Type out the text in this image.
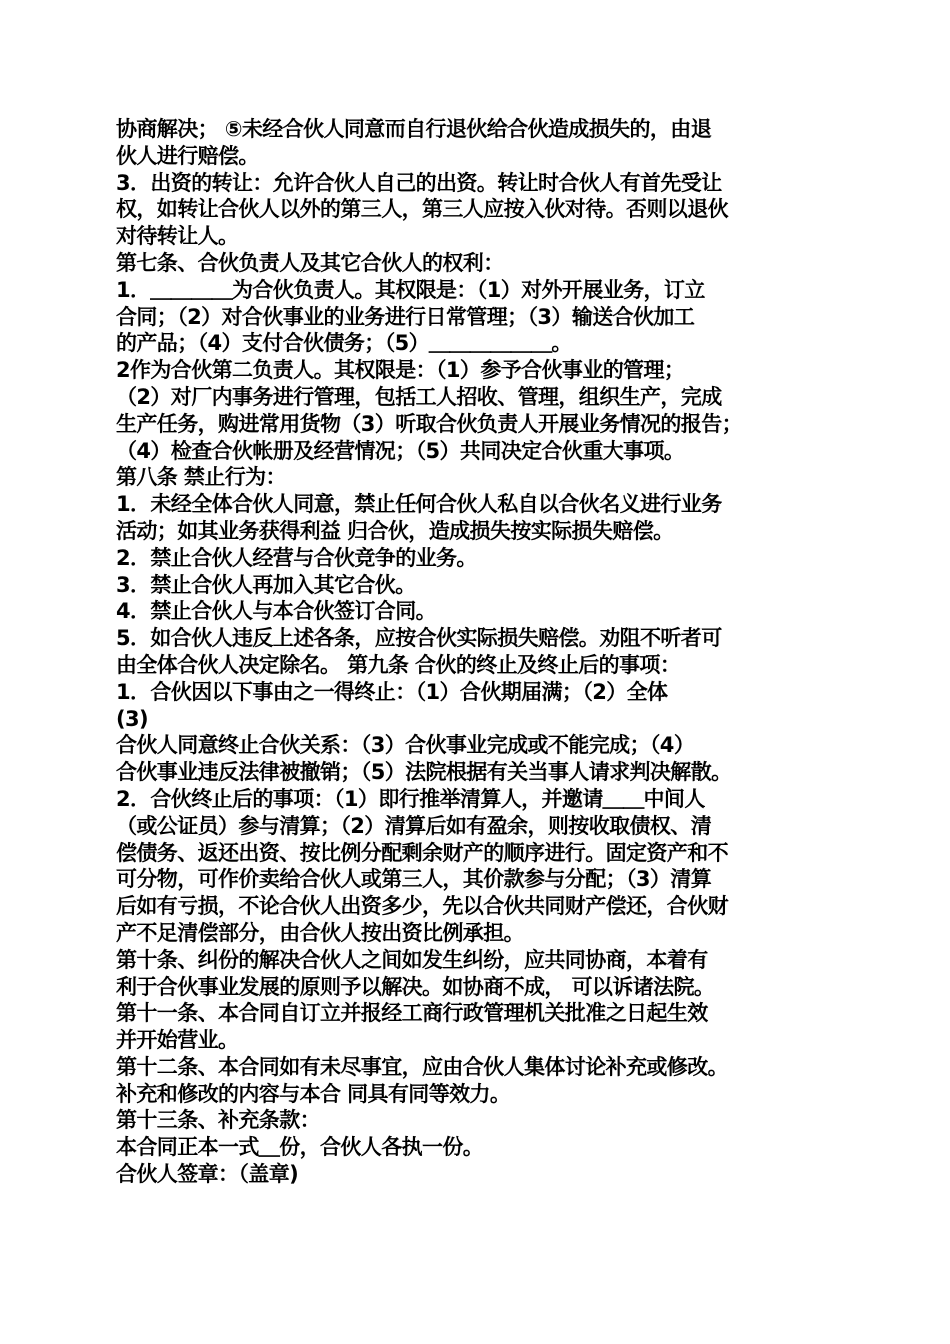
协商解决； ⑤未经合伙人同意而自行退伙给合伙造成损失的，由退
伙人进行赔偿。
3．出资的转让：允许合伙人自己的出资。转让时合伙人有首先受让
权，如转让合伙人以外的第三人，第三人应按入伙对待。否则以退伙
对待转让人。
第七条、合伙负责人及其它合伙人的权利：
1．＿＿＿＿为合伙负责人。其权限是：（1）对外开展业务，订立
合同；（2）对合伙事业的业务进行日常管理；（3）输送合伙加工
的产品；（4）支付合伙债务；（5）＿＿＿＿＿＿。
2作为合伙第二负责人。其权限是：（1）参予合伙事业的管理；
（2）对厂内事务进行管理，包括工人招收、管理，组织生产，完成
生产任务，购进常用货物（3）听取合伙负责人开展业务情况的报告；
（4）检查合伙帐册及经营情况；（5）共同决定合伙重大事项。
第八条 禁止行为：
1．未经全体合伙人同意，禁止任何合伙人私自以合伙名义进行业务
活动；如其业务获得利益 归合伙，造成损失按实际损失赔偿。
2．禁止合伙人经营与合伙竞争的业务。
3．禁止合伙人再加入其它合伙。
4．禁止合伙人与本合伙签订合同。
5．如合伙人违反上述各条，应按合伙实际损失赔偿。劝阻不听者可
由全体合伙人决定除名。 第九条 合伙的终止及终止后的事项：
1．合伙因以下事由之一得终止：（1）合伙期届满；（2）全体
(3)
合伙人同意终止合伙关系：（3）合伙事业完成或不能完成；（4）
合伙事业违反法律被撤销；（5）法院根据有关当事人请求判决解散。
2．合伙终止后的事项：（1）即行推举清算人，并邀请＿＿中间人
（或公证员）参与清算；（2）清算后如有盈余，则按收取债权、清
偿债务、返还出资、按比例分配剩余财产的顺序进行。固定资产和不
可分物，可作价卖给合伙人或第三人，其价款参与分配；（3）清算
后如有亏损，不论合伙人出资多少，先以合伙共同财产偿还，合伙财
产不足清偿部分，由合伙人按出资比例承担。
第十条、纠份的解决合伙人之间如发生纠纷，应共同协商，本着有
利于合伙事业发展的原则予以解决。如协商不成， 可以诉诸法院。
第十一条、本合同自订立并报经工商行政管理机关批准之日起生效
并开始营业。
第十二条、本合同如有未尽事宜，应由合伙人集体讨论补充或修改。
补充和修改的内容与本合 同具有同等效力。
第十三条、补充条款：
本合同正本一式＿份，合伙人各执一份。
合伙人签章：（盖章)
